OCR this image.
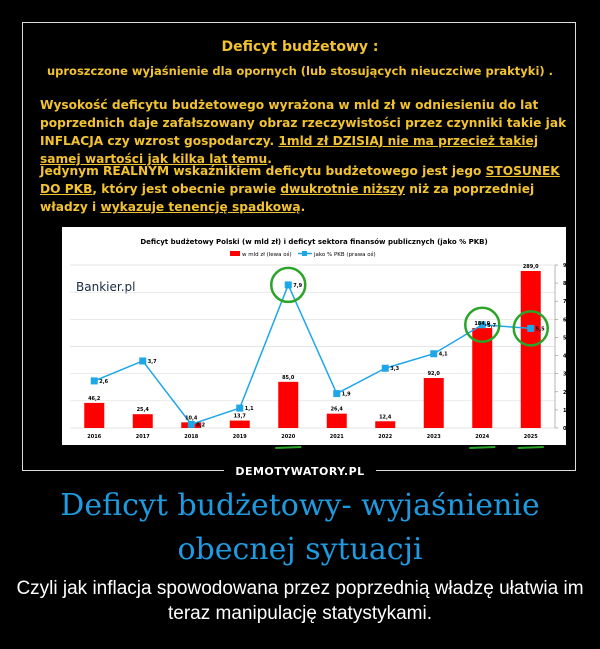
Deficyt budżetowy :
uproszczone wyjaśnienie dla opornych (lub stosujących nieuczciwe praktyki) .
Wysokość deficytu budżetowego wyrażona w mld zł w odniesieniu do lat poprzednich daje zafałszowany obraz rzeczywistości przez czynniki takie jak INFLACJA czy wzrost gospodarczy. 1mld zł DZISIAJ nie ma przecież takiej samej wartości jak kilka lat temu.
Jedynym REALNYM wskaźnikiem deficytu budżetowego jest jego STOSUNEK DO PKB, który jest obecnie prawie dwukrotnie niższy niż za poprzedniej władzy i wykazuje tenencję spadkową.
Deficyt budżetowy Polski (w mld zł) i deficyt sektora finansów publicznych (jako % PKB)
w mld zł (lewa oś)	jako % PKB (prawa oś)
Bankier.pl
0
50
100
150
200
250
300
0
1
2
3
4
5
6
7
8
9
46,2
2016
25,4
2017
10,4
2018
13,7
2019
85,0
2020
26,4
2021
12,4
2022
92,0
2023
184,0
2024
289,0
2025
2,6
3,7
0,2
1,1
7,9
1,9
3,3
4,1
5,7
5,5
DEMOTYWATORY.PL
Deficyt budżetowy- wyjaśnienie obecnej sytuacji
Czyli jak inflacja spowodowana przez poprzednią władzę ułatwia im teraz manipulację statystykami.
